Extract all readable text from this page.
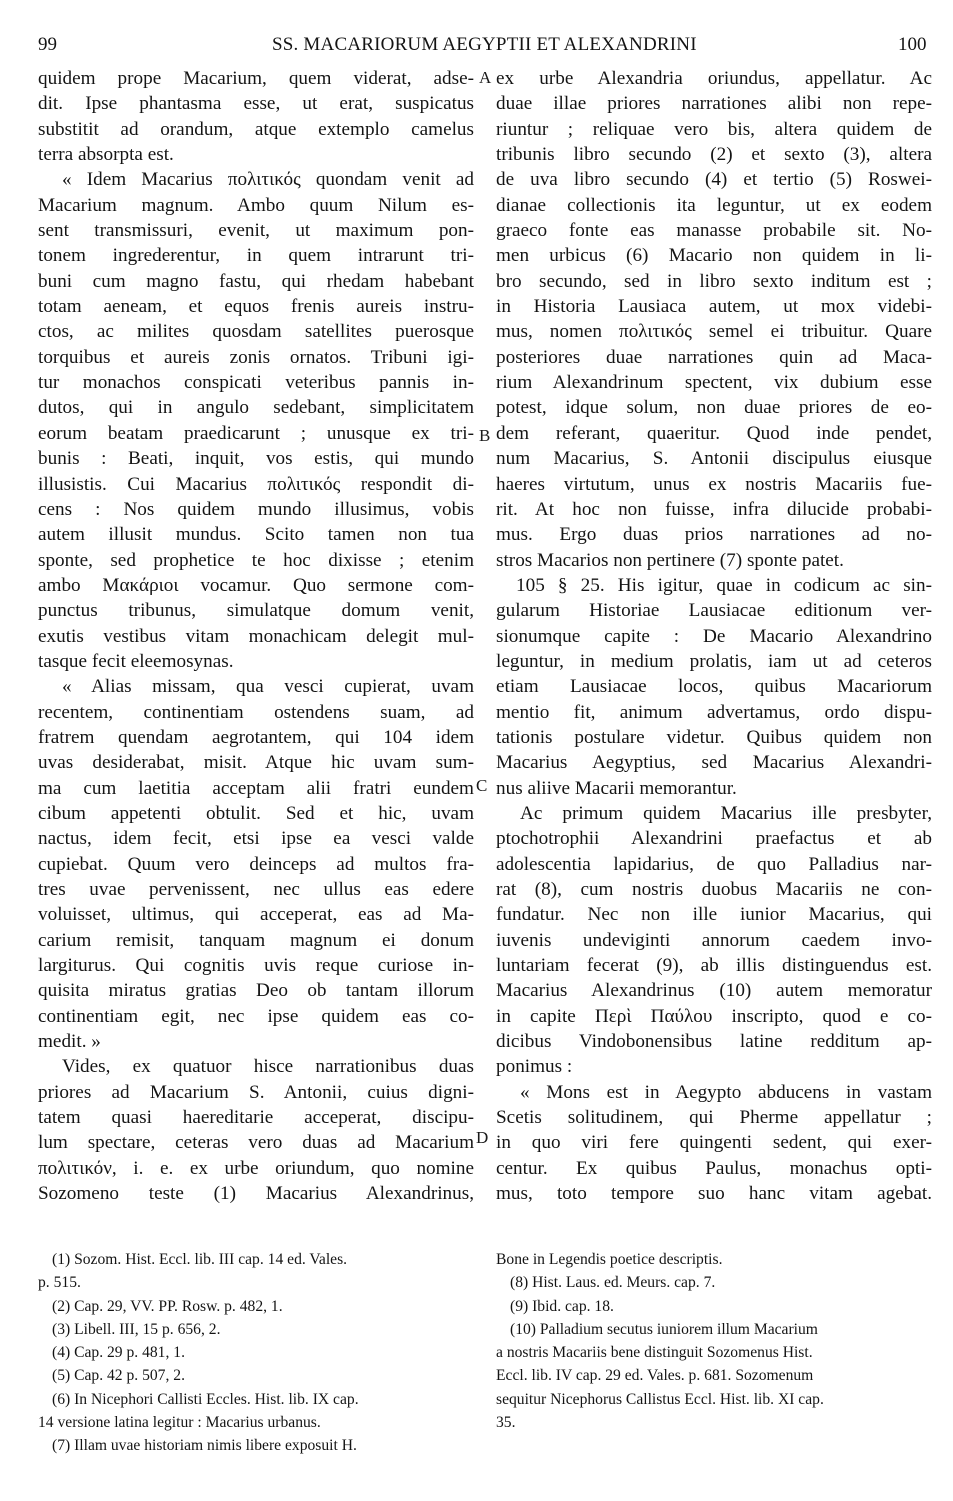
99	SS. MACARIORUM AEGYPTII ET ALEXANDRINI	100
A
B
C
D
quidem prope Macarium, quem viderat, adse-
dit. Ipse phantasma esse, ut erat, suspicatus
substitit ad orandum, atque extemplo camelus
terra absorpta est.
« Idem Macarius πολιτικός quondam venit ad
Macarium magnum. Ambo quum Nilum es-
sent transmissuri, evenit, ut maximum pon-
tonem ingrederentur, in quem intrarunt tri-
buni cum magno fastu, qui rhedam habebant
totam aeneam, et equos frenis aureis instru-
ctos, ac milites quosdam satellites puerosque
torquibus et aureis zonis ornatos. Tribuni igi-
tur monachos conspicati veteribus pannis in-
dutos, qui in angulo sedebant, simplicitatem
eorum beatam praedicarunt ; unusque ex tri-
bunis : Beati, inquit, vos estis, qui mundo
illusistis. Cui Macarius πολιτικός respondit di-
cens : Nos quidem mundo illusimus, vobis
autem illusit mundus. Scito tamen non tua
sponte, sed prophetice te hoc dixisse ; etenim
ambo Μακάριοι vocamur. Quo sermone com-
punctus tribunus, simulatque domum venit,
exutis vestibus vitam monachicam delegit mul-
tasque fecit eleemosynas.
« Alias missam, qua vesci cupierat, uvam
recentem, continentiam ostendens suam, ad
fratrem quendam aegrotantem, qui 104 idem
uvas desiderabat, misit. Atque hic uvam sum-
ma cum laetitia acceptam alii fratri eundem
cibum appetenti obtulit. Sed et hic, uvam
nactus, idem fecit, etsi ipse ea vesci valde
cupiebat. Quum vero deinceps ad multos fra-
tres uvae pervenissent, nec ullus eas edere
voluisset, ultimus, qui acceperat, eas ad Ma-
carium remisit, tanquam magnum ei donum
largiturus. Qui cognitis uvis reque curiose in-
quisita miratus gratias Deo ob tantam illorum
continentiam egit, nec ipse quidem eas co-
medit. »
Vides, ex quatuor hisce narrationibus duas
priores ad Macarium S. Antonii, cuius digni-
tatem quasi haereditarie acceperat, discipu-
lum spectare, ceteras vero duas ad Macarium
πολιτικόν, i. e. ex urbe oriundum, quo nomine
Sozomeno teste (1) Macarius Alexandrinus,
ex urbe Alexandria oriundus, appellatur. Ac
duae illae priores narrationes alibi non repe-
riuntur ; reliquae vero bis, altera quidem de
tribunis libro secundo (2) et sexto (3), altera
de uva libro secundo (4) et tertio (5) Roswei-
dianae collectionis ita leguntur, ut ex eodem
graeco fonte eas manasse probabile sit. No-
men urbicus (6) Macario non quidem in li-
bro secundo, sed in libro sexto inditum est ;
in Historia Lausiaca autem, ut mox videbi-
mus, nomen πολιτικός semel ei tribuitur. Quare
posteriores duae narrationes quin ad Maca-
rium Alexandrinum spectent, vix dubium esse
potest, idque solum, non duae priores de eo-
dem referant, quaeritur. Quod inde pendet,
num Macarius, S. Antonii discipulus eiusque
haeres virtutum, unus ex nostris Macariis fue-
rit. At hoc non fuisse, infra dilucide probabi-
mus. Ergo duas prios narrationes ad no-
stros Macarios non pertinere (7) sponte patet.
105 § 25. His igitur, quae in codicum ac sin-
gularum Historiae Lausiacae editionum ver-
sionumque capite : De Macario Alexandrino
leguntur, in medium prolatis, iam ut ad ceteros
etiam Lausiacae locos, quibus Macariorum
mentio fit, animum advertamus, ordo dispu-
tationis postulare videtur. Quibus quidem non
Macarius Aegyptius, sed Macarius Alexandri-
nus aliive Macarii memorantur.
Ac primum quidem Macarius ille presbyter,
ptochotrophii Alexandrini praefactus et ab
adolescentia lapidarius, de quo Palladius nar-
rat (8), cum nostris duobus Macariis ne con-
fundatur. Nec non ille iunior Macarius, qui
iuvenis undeviginti annorum caedem invo-
luntariam fecerat (9), ab illis distinguendus est.
Macarius Alexandrinus (10) autem memoratur
in capite Περὶ Παύλου inscripto, quod e co-
dicibus Vindobonensibus latine redditum ap-
ponimus :
« Mons est in Aegypto abducens in vastam
Scetis solitudinem, qui Pherme appellatur ;
in quo viri fere quingenti sedent, qui exer-
centur. Ex quibus Paulus, monachus opti-
mus, toto tempore suo hanc vitam agebat.
(1) Sozom. Hist. Eccl. lib. III cap. 14 ed. Vales.
p. 515.
(2) Cap. 29, VV. PP. Rosw. p. 482, 1.
(3) Libell. III, 15 p. 656, 2.
(4) Cap. 29 p. 481, 1.
(5) Cap. 42 p. 507, 2.
(6) In Nicephori Callisti Eccles. Hist. lib. IX cap.
14 versione latina legitur : Macarius urbanus.
(7) Illam uvae historiam nimis libere exposuit H.
Bone in Legendis poetice descriptis.
(8) Hist. Laus. ed. Meurs. cap. 7.
(9) Ibid. cap. 18.
(10) Palladium secutus iuniorem illum Macarium
a nostris Macariis bene distinguit Sozomenus Hist.
Eccl. lib. IV cap. 29 ed. Vales. p. 681. Sozomenum
sequitur Nicephorus Callistus Eccl. Hist. lib. XI cap.
35.
